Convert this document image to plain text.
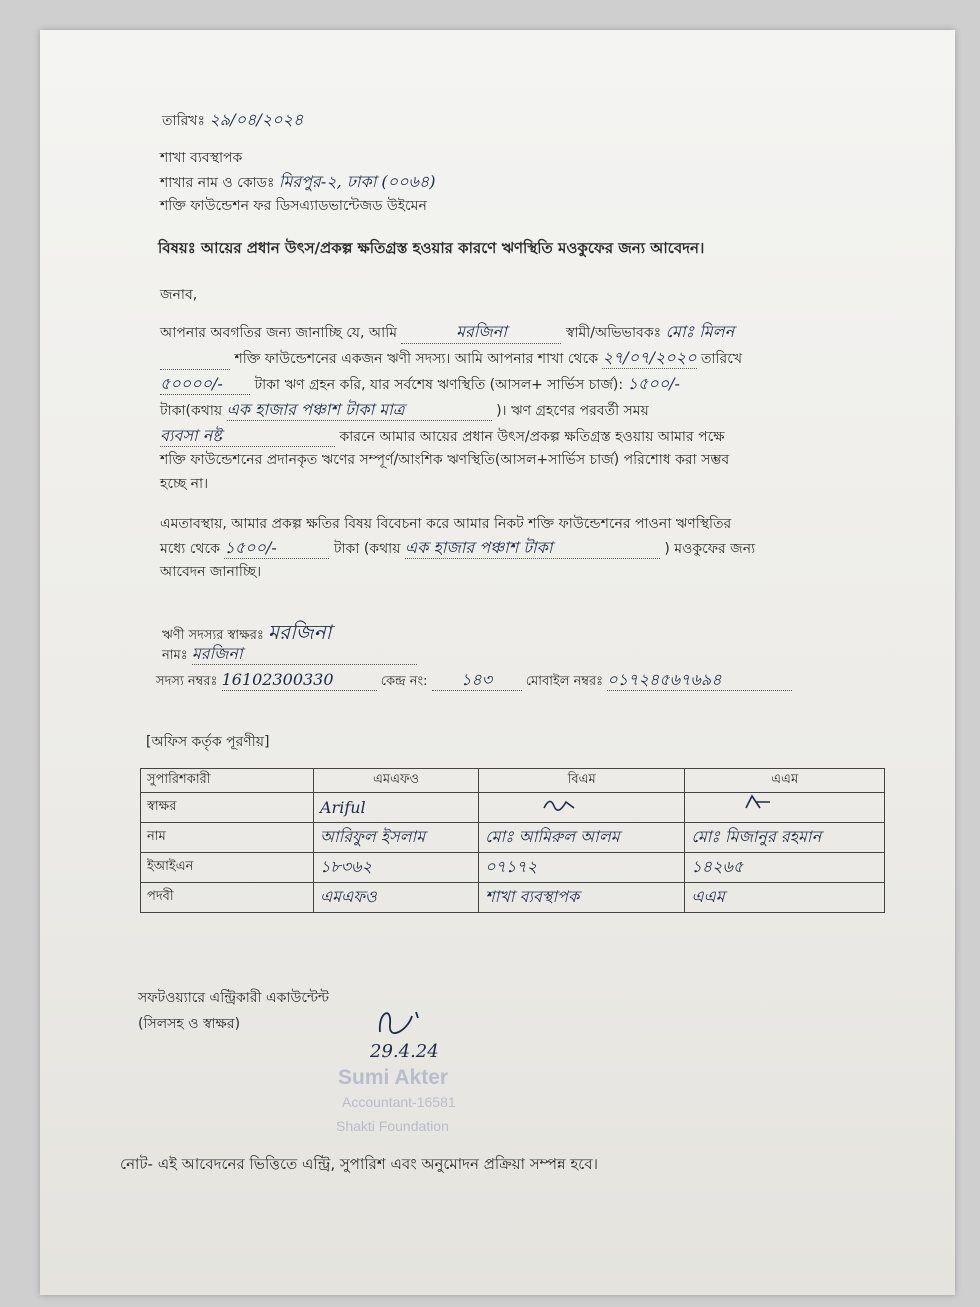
তারিখঃ ২৯/০৪/২০২৪
শাখা ব্যবস্থাপক
শাখার নাম ও কোডঃ মিরপুর-২, ঢাকা (০০৬৪)
শক্তি ফাউন্ডেশন ফর ডিসএ্যাডভান্টেজড উইমেন
বিষয়ঃ আয়ের প্রধান উৎস/প্রকল্প ক্ষতিগ্রস্ত হওয়ার কারণে ঋণস্থিতি মওকুফের জন্য আবেদন।
জনাব,
আপনার অবগতির জন্য জানাচ্ছি যে, আমি	মরজিনা	স্বামী/অভিভাবকঃ মোঃ মিলন
শক্তি ফাউন্ডেশনের একজন ঋণী সদস্য। আমি আপনার শাখা থেকে ২৭/০৭/২০২০ তারিখে
৫০০০০/- টাকা ঋণ গ্রহন করি, যার সর্বশেষ ঋণস্থিতি (আসল+ সার্ভিস চার্জ): ১৫০০/-
টাকা(কথায় এক হাজার পঞ্চাশ টাকা মাত্র	)। ঋণ গ্রহণের পরবর্তী সময়
ব্যবসা নষ্ট	কারনে আমার আয়ের প্রধান উৎস/প্রকল্প ক্ষতিগ্রস্ত হওয়ায় আমার পক্ষে
শক্তি ফাউন্ডেশনের প্রদানকৃত ঋণের সম্পূর্ণ/আংশিক ঋণস্থিতি(আসল+সার্ভিস চার্জ) পরিশোধ করা সম্ভব
হচ্ছে না।
এমতাবস্থায়, আমার প্রকল্প ক্ষতির বিষয় বিবেচনা করে আমার নিকট শক্তি ফাউন্ডেশনের পাওনা ঋণস্থিতির
মধ্যে থেকে ১৫০০/-	টাকা (কথায় এক হাজার পঞ্চাশ টাকা	) মওকুফের জন্য
আবেদন জানাচ্ছি।
ঋণী সদস্যর স্বাক্ষরঃ মরজিনা
নামঃ মরজিনা
সদস্য নম্বরঃ 16102300330	কেন্দ্র নং: ১৪৩	মোবাইল নম্বরঃ ০১৭২৪৫৬৭৬৯৪
[অফিস কর্তৃক পূরণীয়]
সুপারিশকারী	এমএফও	বিএম	এএম
স্বাক্ষর	Ariful		
নাম	আরিফুল ইসলাম	মোঃ আমিরুল আলম	মোঃ মিজানুর রহমান
ইআইএন	১৮৩৬২	০৭১৭২	১৪২৬৫
পদবী	এমএফও	শাখা ব্যবস্থাপক	এএম
সফটওয়্যারে এন্ট্রিকারী একাউন্টেন্ট
(সিলসহ ও স্বাক্ষর)
29.4.24
Sumi Akter
Accountant-16581
Shakti Foundation
নোট- এই আবেদনের ভিত্তিতে এন্ট্রি, সুপারিশ এবং অনুমোদন প্রক্রিয়া সম্পন্ন হবে।
